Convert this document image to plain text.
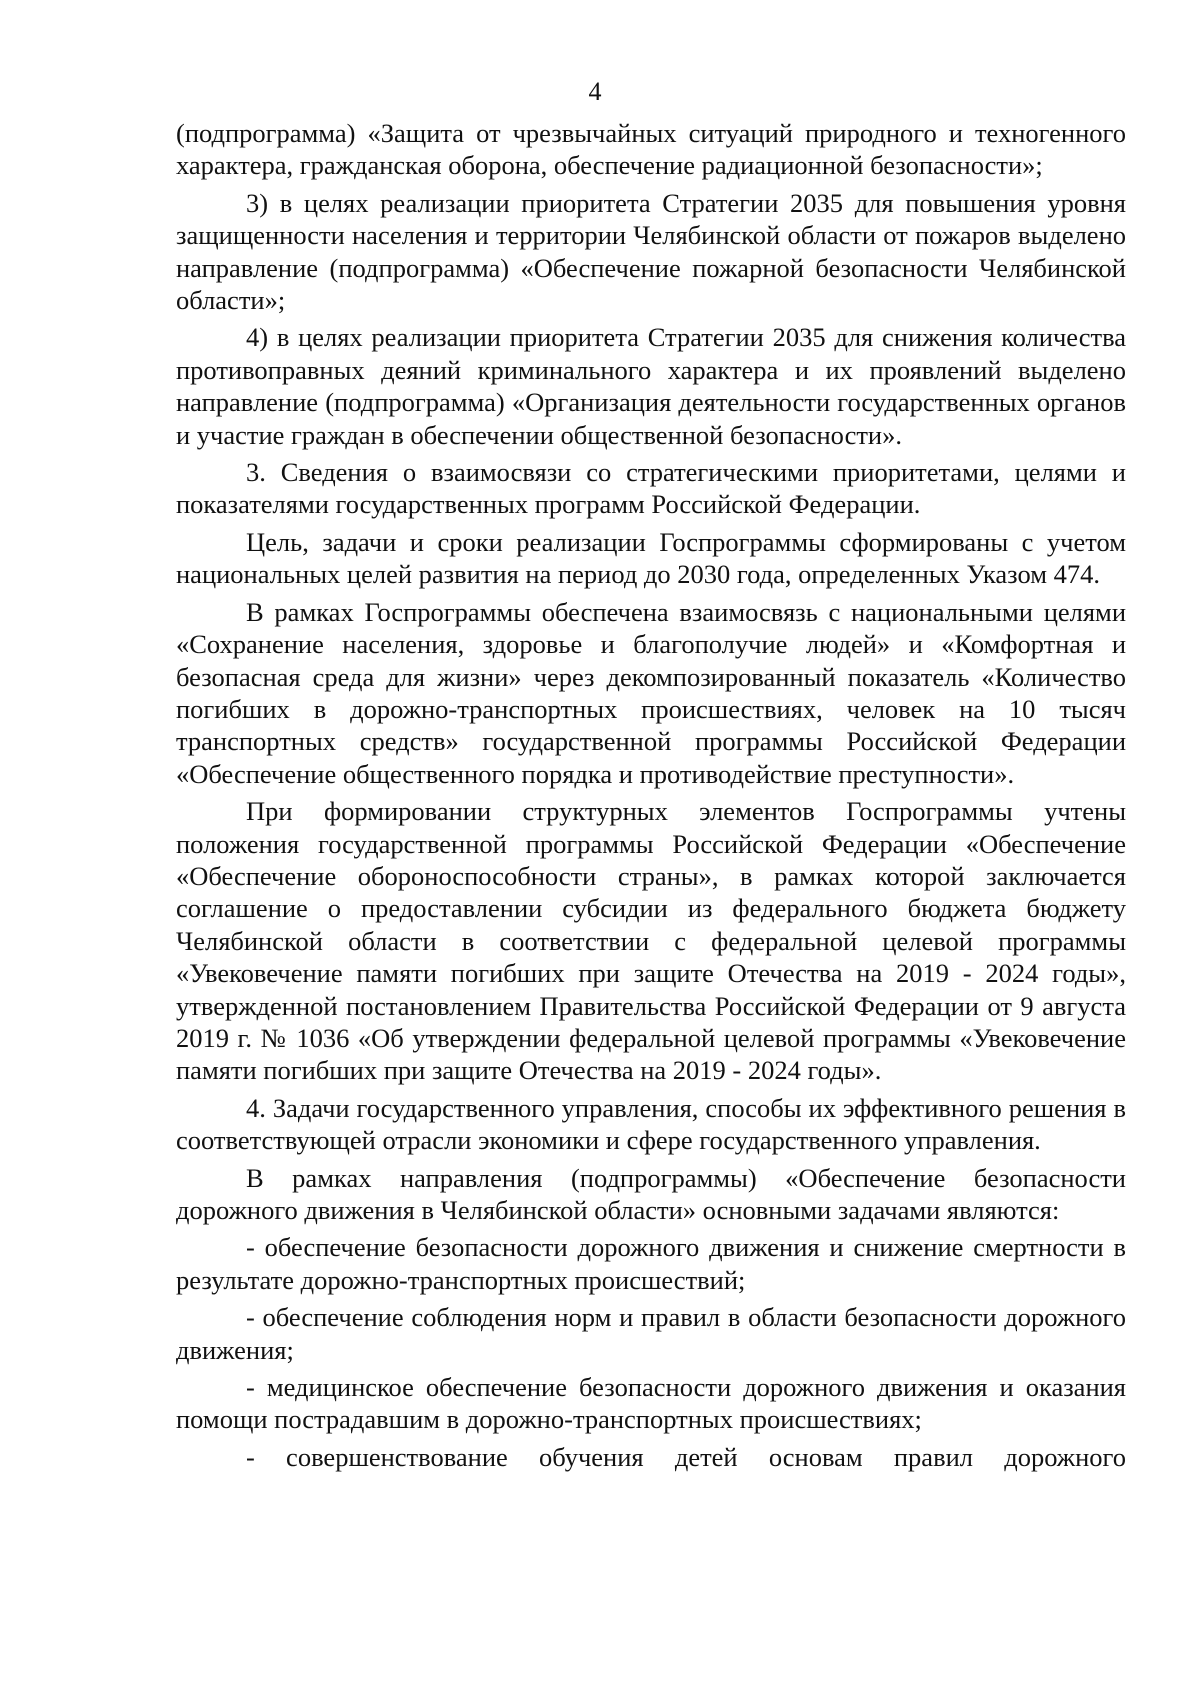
4

(подпрограмма) «Защита от чрезвычайных ситуаций природного и техногенного характера, гражданская оборона, обеспечение радиационной безопасности»;

3) в целях реализации приоритета Стратегии 2035 для повышения уровня защищенности населения и территории Челябинской области от пожаров выделено направление (подпрограмма) «Обеспечение пожарной безопасности Челябинской области»;

4) в целях реализации приоритета Стратегии 2035 для снижения количества противоправных деяний криминального характера и их проявлений выделено направление (подпрограмма) «Организация деятельности государственных органов и участие граждан в обеспечении общественной безопасности».

3. Сведения о взаимосвязи со стратегическими приоритетами, целями и показателями государственных программ Российской Федерации.

Цель, задачи и сроки реализации Госпрограммы сформированы с учетом национальных целей развития на период до 2030 года, определенных Указом 474.

В рамках Госпрограммы обеспечена взаимосвязь с национальными целями «Сохранение населения, здоровье и благополучие людей» и «Комфортная и безопасная среда для жизни» через декомпозированный показатель «Количество погибших в дорожно-транспортных происшествиях, человек на 10 тысяч транспортных средств» государственной программы Российской Федерации «Обеспечение общественного порядка и противодействие преступности».

При формировании структурных элементов Госпрограммы учтены положения государственной программы Российской Федерации «Обеспечение «Обеспечение обороноспособности страны», в рамках которой заключается соглашение о предоставлении субсидии из федерального бюджета бюджету Челябинской области в соответствии с федеральной целевой программы «Увековечение памяти погибших при защите Отечества на 2019 - 2024 годы», утвержденной постановлением Правительства Российской Федерации от 9 августа 2019 г. № 1036 «Об утверждении федеральной целевой программы «Увековечение памяти погибших при защите Отечества на 2019 - 2024 годы».

4. Задачи государственного управления, способы их эффективного решения в соответствующей отрасли экономики и сфере государственного управления.

В рамках направления (подпрограммы) «Обеспечение безопасности дорожного движения в Челябинской области» основными задачами являются:

- обеспечение безопасности дорожного движения и снижение смертности в результате дорожно-транспортных происшествий;

- обеспечение соблюдения норм и правил в области безопасности дорожного движения;

- медицинское обеспечение безопасности дорожного движения и оказания помощи пострадавшим в дорожно-транспортных происшествиях;

- совершенствование обучения детей основам правил дорожного
